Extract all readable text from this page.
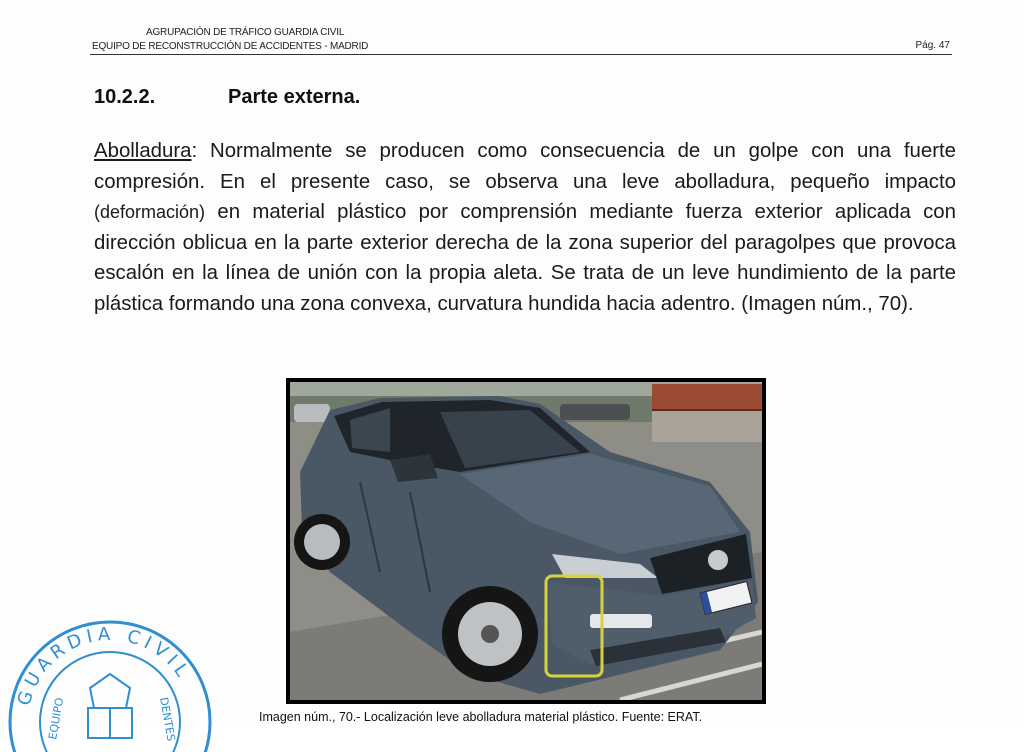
AGRUPACIÓN DE TRÁFICO GUARDIA CIVIL
EQUIPO DE RECONSTRUCCIÓN DE ACCIDENTES - MADRID	Pág. 47
10.2.2.	Parte externa.
Abolladura: Normalmente se producen como consecuencia de un golpe con una fuerte compresión. En el presente caso, se observa una leve abolladura, pequeño impacto (deformación) en material plástico por comprensión mediante fuerza exterior aplicada con dirección oblicua en la parte exterior derecha de la zona superior del paragolpes que provoca escalón en la línea de unión con la propia aleta. Se trata de un leve hundimiento de la parte plástica formando una zona convexa, curvatura hundida hacia adentro. (Imagen núm., 70).
Imagen núm., 70.- Localización leve abolladura material plástico. Fuente: ERAT.
GUARDIA CIVIL
EQUIPO	DENTES
